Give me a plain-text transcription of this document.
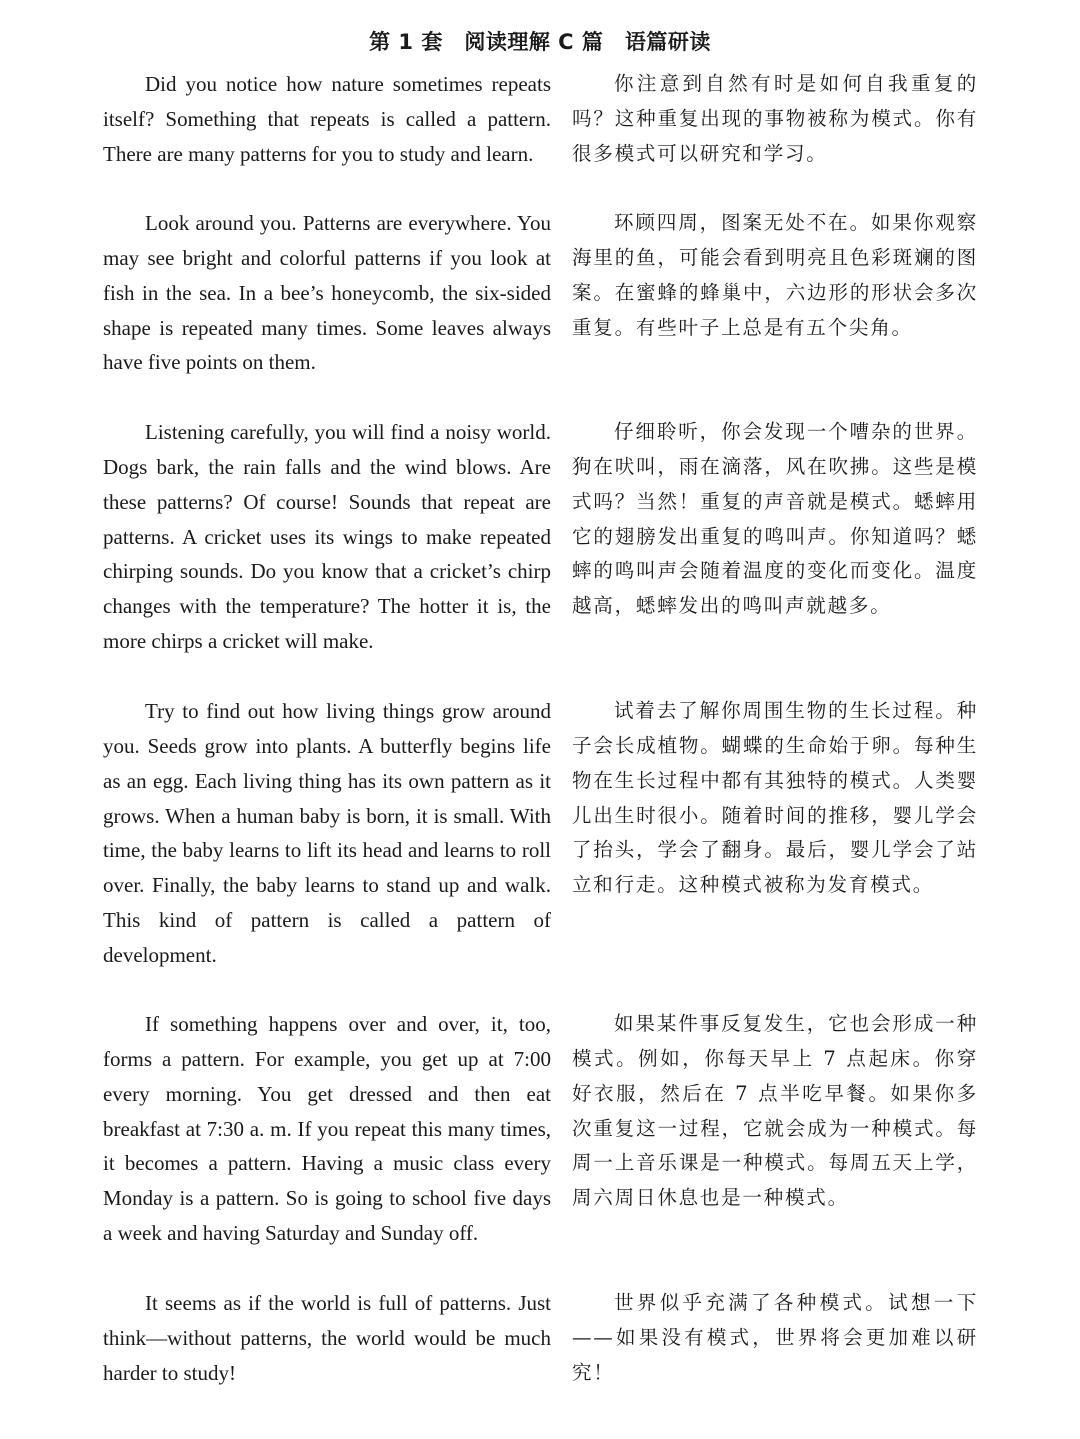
第 1 套　阅读理解 C 篇　语篇研读

Did you notice how nature sometimes repeats itself? Something that repeats is called a pattern. There are many patterns for you to study and learn.

你注意到自然有时是如何自我重复的吗？这种重复出现的事物被称为模式。你有很多模式可以研究和学习。

Look around you. Patterns are everywhere. You may see bright and colorful patterns if you look at fish in the sea. In a bee’s honeycomb, the six-sided shape is repeated many times. Some leaves always have five points on them.

环顾四周，图案无处不在。如果你观察海里的鱼，可能会看到明亮且色彩斑斓的图案。在蜜蜂的蜂巢中，六边形的形状会多次重复。有些叶子上总是有五个尖角。

Listening carefully, you will find a noisy world. Dogs bark, the rain falls and the wind blows. Are these patterns? Of course! Sounds that repeat are patterns. A cricket uses its wings to make repeated chirping sounds. Do you know that a cricket’s chirp changes with the temperature? The hotter it is, the more chirps a cricket will make.

仔细聆听，你会发现一个嘈杂的世界。狗在吠叫，雨在滴落，风在吹拂。这些是模式吗？当然！重复的声音就是模式。蟋蟀用它的翅膀发出重复的鸣叫声。你知道吗？蟋蟀的鸣叫声会随着温度的变化而变化。温度越高，蟋蟀发出的鸣叫声就越多。

Try to find out how living things grow around you. Seeds grow into plants. A butterfly begins life as an egg. Each living thing has its own pattern as it grows. When a human baby is born, it is small. With time, the baby learns to lift its head and learns to roll over. Finally, the baby learns to stand up and walk. This kind of pattern is called a pattern of development.

试着去了解你周围生物的生长过程。种子会长成植物。蝴蝶的生命始于卵。每种生物在生长过程中都有其独特的模式。人类婴儿出生时很小。随着时间的推移，婴儿学会了抬头，学会了翻身。最后，婴儿学会了站立和行走。这种模式被称为发育模式。

If something happens over and over, it, too, forms a pattern. For example, you get up at 7:00 every morning. You get dressed and then eat breakfast at 7:30 a. m. If you repeat this many times, it becomes a pattern. Having a music class every Monday is a pattern. So is going to school five days a week and having Saturday and Sunday off.

如果某件事反复发生，它也会形成一种模式。例如，你每天早上 7 点起床。你穿好衣服，然后在 7 点半吃早餐。如果你多次重复这一过程，它就会成为一种模式。每周一上音乐课是一种模式。每周五天上学，周六周日休息也是一种模式。

It seems as if the world is full of patterns. Just think—without patterns, the world would be much harder to study!

世界似乎充满了各种模式。试想一下——如果没有模式，世界将会更加难以研究！
